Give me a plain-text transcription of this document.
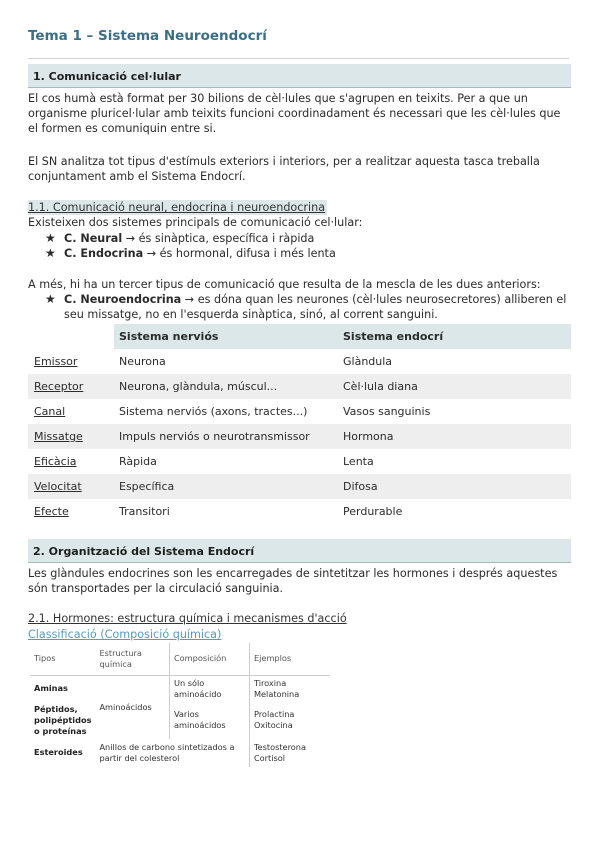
Tema 1 – Sistema Neuroendocrí
1. Comunicació cel·lular
El cos humà està format per 30 bilions de cèl·lules que s'agrupen en teixits. Per a que un organisme pluricel·lular amb teixits funcioni coordinadament és necessari que les cèl·lules que el formen es comuniquin entre si.
El SN analitza tot tipus d'estímuls exteriors i interiors, per a realitzar aquesta tasca treballa conjuntament amb el Sistema Endocrí.
1.1. Comunicació neural, endocrina i neuroendocrina
Existeixen dos sistemes principals de comunicació cel·lular:
★ C. Neural → és sinàptica, específica i ràpida
★ C. Endocrina → és hormonal, difusa i més lenta
A més, hi ha un tercer tipus de comunicació que resulta de la mescla de les dues anteriors:
★ C. Neuroendocrina → es dóna quan les neurones (cèl·lules neurosecretores) alliberen el seu missatge, no en l'esquerda sinàptica, sinó, al corrent sanguini.
	Sistema nerviós	Sistema endocrí
Emissor	Neurona	Glàndula
Receptor	Neurona, glàndula, múscul...	Cèl·lula diana
Canal	Sistema nerviós (axons, tractes...)	Vasos sanguinis
Missatge	Impuls nerviós o neurotransmissor	Hormona
Eficàcia	Ràpida	Lenta
Velocitat	Específica	Difosa
Efecte	Transitori	Perdurable
2. Organització del Sistema Endocrí
Les glàndules endocrines son les encarregades de sintetitzar les hormones i després aquestes són transportades per la circulació sanguinia.
2.1. Hormones: estructura química i mecanismes d'acció
Classificació (Composició química)
Tipos	Estructura química	Composición	Ejemplos
Aminas	Aminoácidos	Un sólo aminoácido	Tiroxina Melatonina
Péptidos, polipéptidos o proteínas		Varios aminoácidos	Prolactina Oxitocina
Esteroides	Anillos de carbono sintetizados a partir del colesterol		Testosterona Cortisol
